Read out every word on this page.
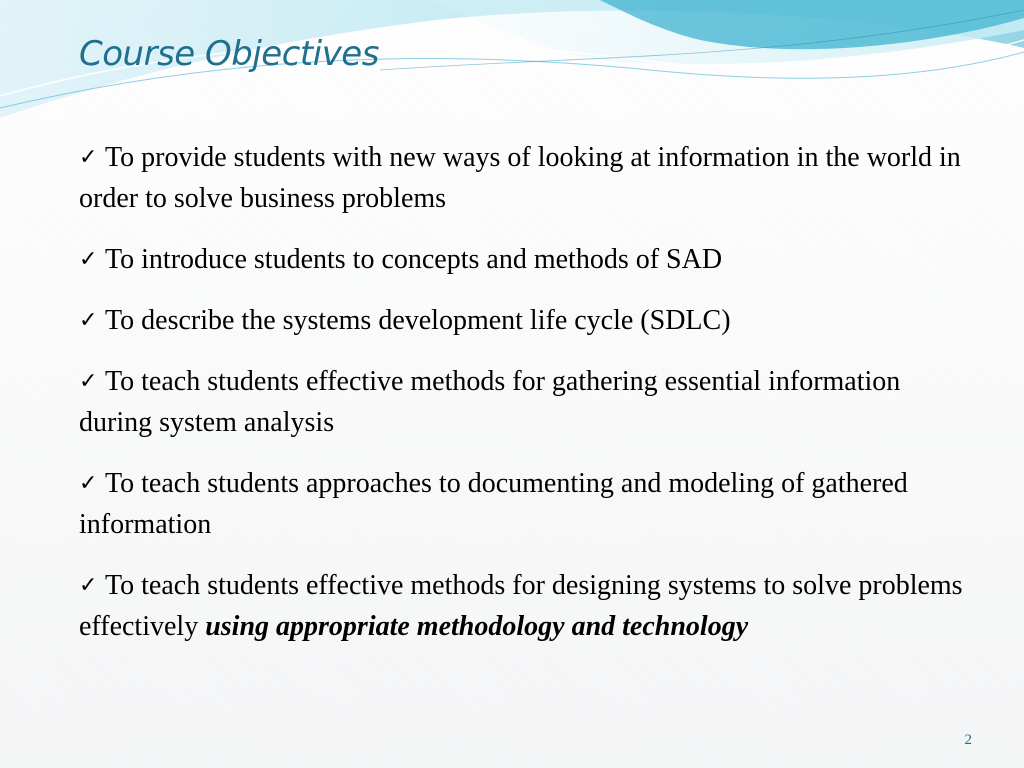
Course Objectives
✓ To provide students with new ways of looking at information in the world in order to solve business problems
✓ To introduce students to concepts and methods of SAD
✓ To describe the systems development life cycle (SDLC)
✓ To teach students effective methods for gathering essential information during system analysis
✓ To teach students approaches to documenting and modeling of gathered information
✓ To teach students effective methods for designing systems to solve problems effectively using appropriate methodology and technology
2
